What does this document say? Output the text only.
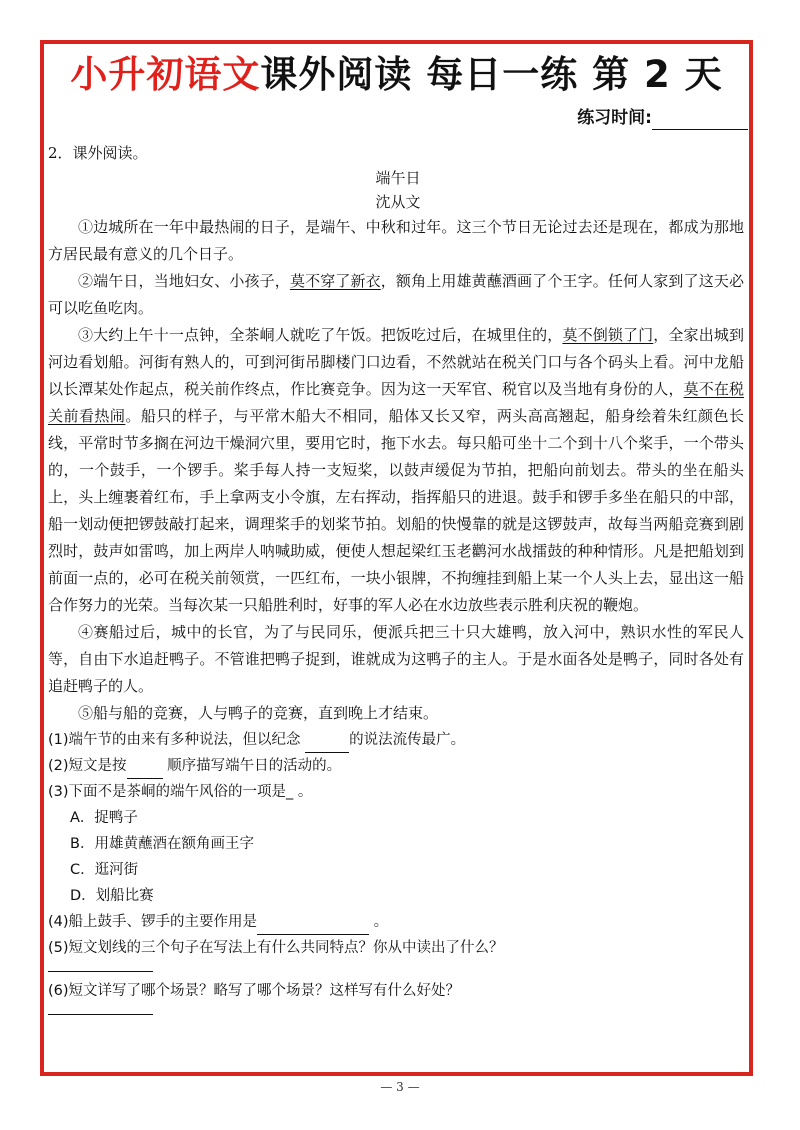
小升初语文课外阅读 每日一练 第 2 天
练习时间:

2．课外阅读。

端午日

沈从文

①边城所在一年中最热闹的日子，是端午、中秋和过年。这三个节日无论过去还是现在，都成为那地方居民最有意义的几个日子。

②端午日，当地妇女、小孩子，莫不穿了新衣，额角上用雄黄蘸酒画了个王字。任何人家到了这天必可以吃鱼吃肉。

③大约上午十一点钟，全茶峒人就吃了午饭。把饭吃过后，在城里住的，莫不倒锁了门，全家出城到河边看划船。河街有熟人的，可到河街吊脚楼门口边看，不然就站在税关门口与各个码头上看。河中龙船以长潭某处作起点，税关前作终点，作比赛竞争。因为这一天军官、税官以及当地有身份的人，莫不在税关前看热闹。船只的样子，与平常木船大不相同，船体又长又窄，两头高高翘起，船身绘着朱红颜色长线，平常时节多搁在河边干燥洞穴里，要用它时，拖下水去。每只船可坐十二个到十八个桨手，一个带头的，一个鼓手，一个锣手。桨手每人持一支短桨，以鼓声缓促为节拍，把船向前划去。带头的坐在船头上，头上缠裹着红布，手上拿两支小令旗，左右挥动，指挥船只的进退。鼓手和锣手多坐在船只的中部，船一划动便把锣鼓敲打起来，调理桨手的划桨节拍。划船的快慢靠的就是这锣鼓声，故每当两船竞赛到剧烈时，鼓声如雷鸣，加上两岸人呐喊助威，便使人想起梁红玉老鹳河水战擂鼓的种种情形。凡是把船划到前面一点的，必可在税关前领赏，一匹红布，一块小银牌，不拘缠挂到船上某一个人头上去，显出这一船合作努力的光荣。当每次某一只船胜利时，好事的军人必在水边放些表示胜利庆祝的鞭炮。

④赛船过后，城中的长官，为了与民同乐，便派兵把三十只大雄鸭，放入河中，熟识水性的军民人等，自由下水追赶鸭子。不管谁把鸭子捉到，谁就成为这鸭子的主人。于是水面各处是鸭子，同时各处有追赶鸭子的人。

⑤船与船的竞赛，人与鸭子的竞赛，直到晚上才结束。

(1)端午节的由来有多种说法，但以纪念	的说法流传最广。

(2)短文是按 顺序描写端午日的活动的。

(3)下面不是茶峒的端午风俗的一项是_ 。

A．捉鸭子

B．用雄黄蘸酒在额角画王字

C．逛河街

D．划船比赛

(4)船上鼓手、锣手的主要作用是	。

(5)短文划线的三个句子在写法上有什么共同特点？你从中读出了什么？

(6)短文详写了哪个场景？略写了哪个场景？这样写有什么好处？

— 3 —
